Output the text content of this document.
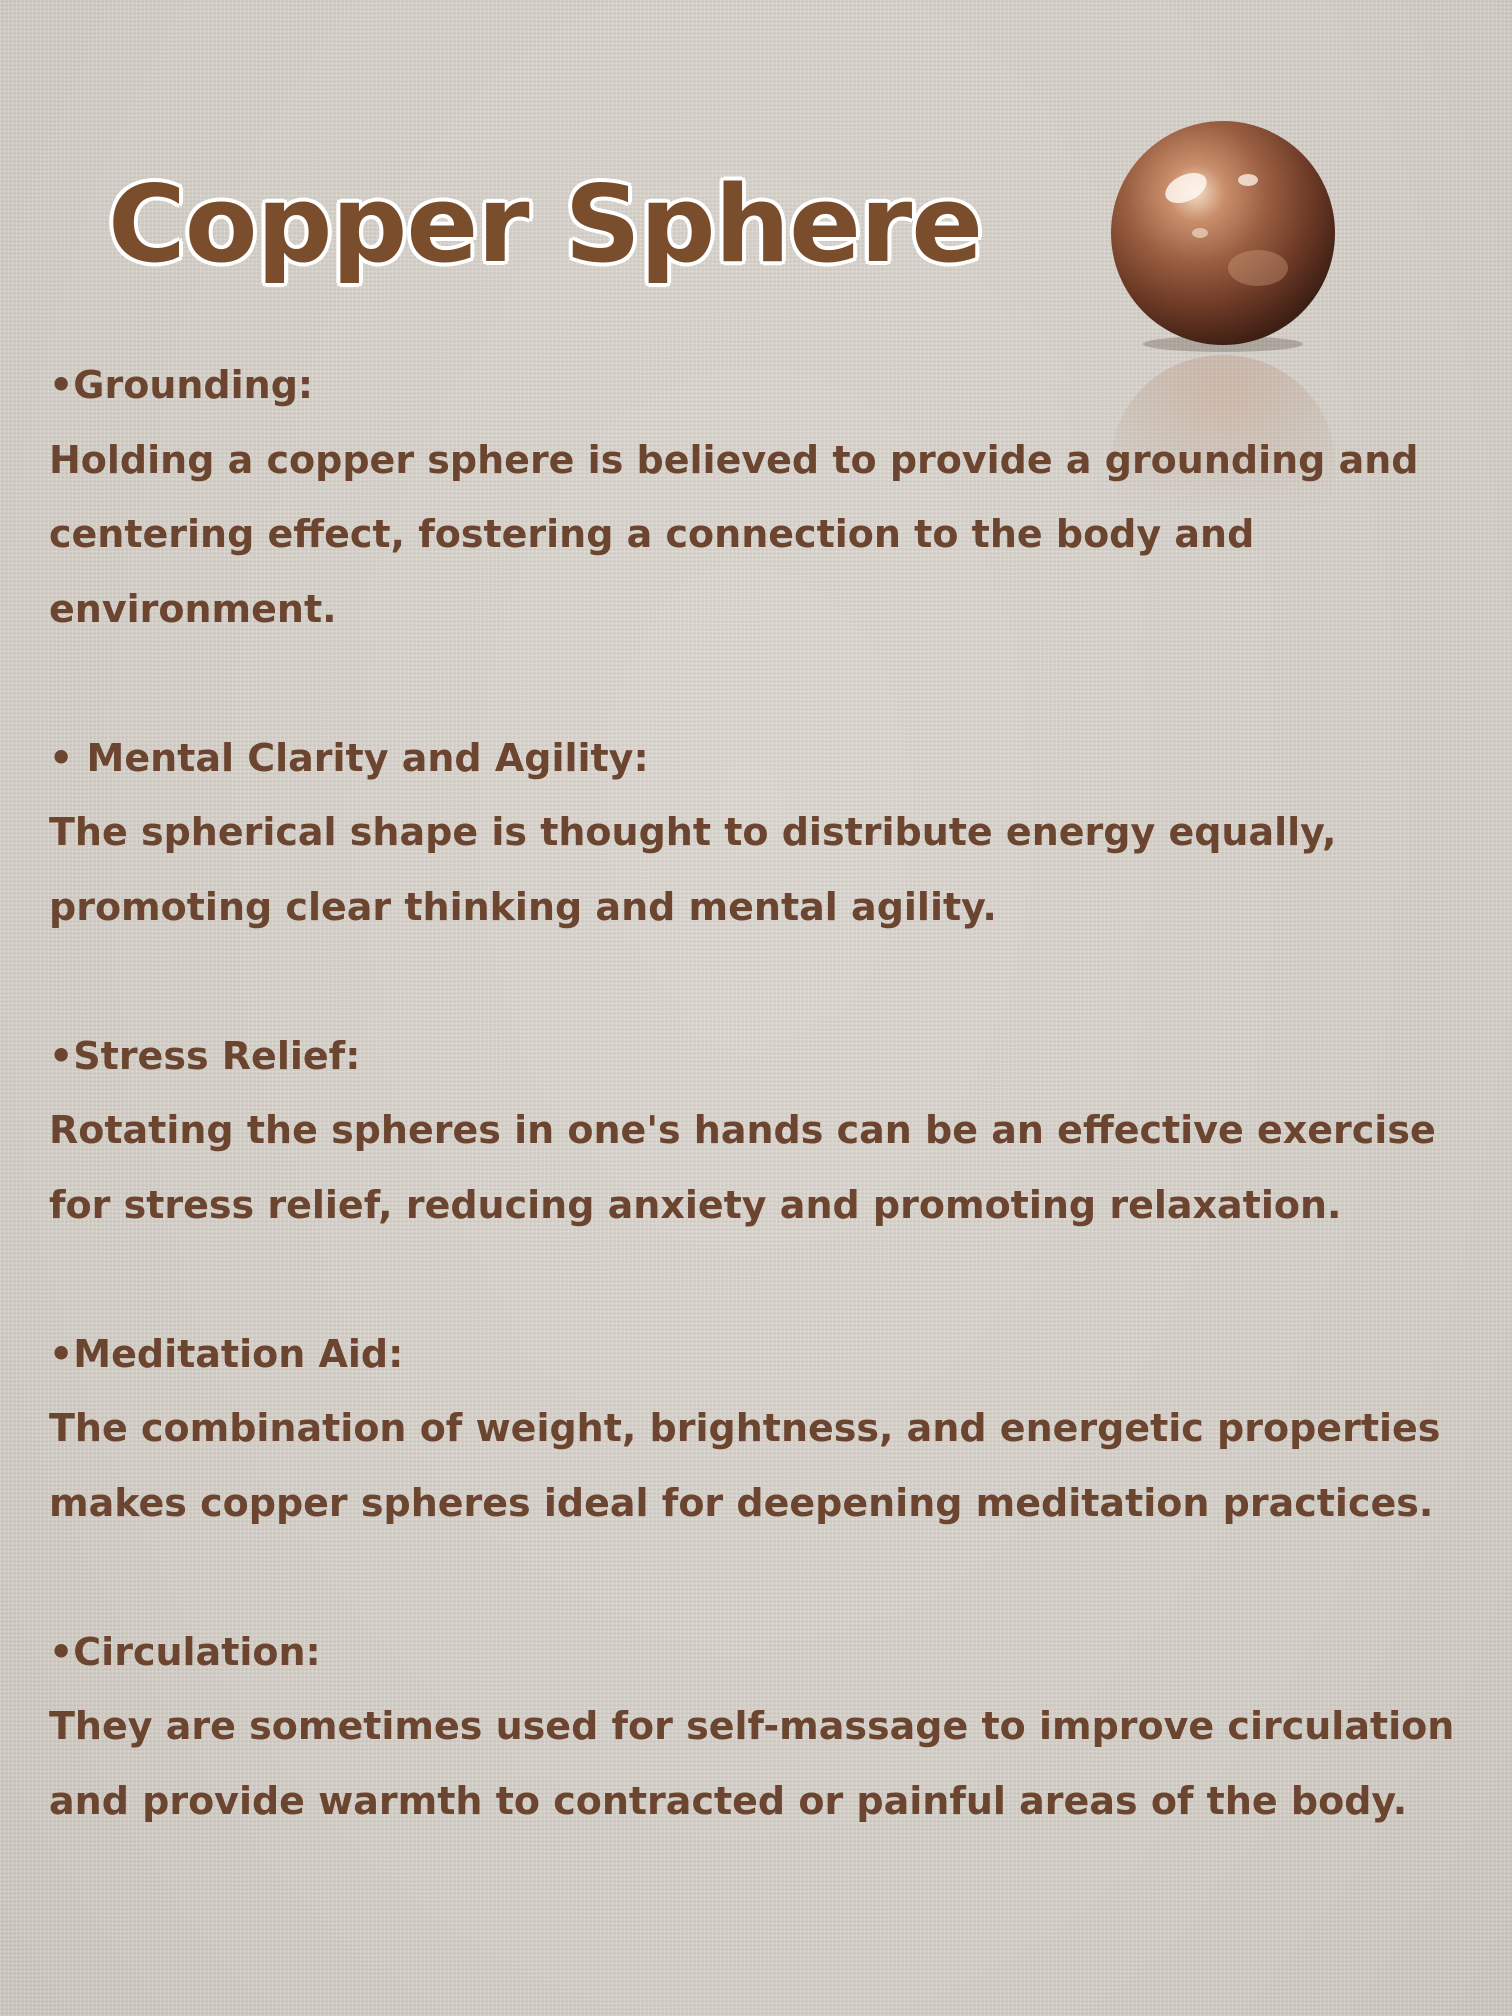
Copper Sphere
•Grounding:
Holding a copper sphere is believed to provide a grounding and centering effect, fostering a connection to the body and environment.
• Mental Clarity and Agility:
The spherical shape is thought to distribute energy equally, promoting clear thinking and mental agility.
•Stress Relief:
Rotating the spheres in one's hands can be an effective exercise for stress relief, reducing anxiety and promoting relaxation.
•Meditation Aid:
The combination of weight, brightness, and energetic properties makes copper spheres ideal for deepening meditation practices.
•Circulation:
They are sometimes used for self-massage to improve circulation and provide warmth to contracted or painful areas of the body.
